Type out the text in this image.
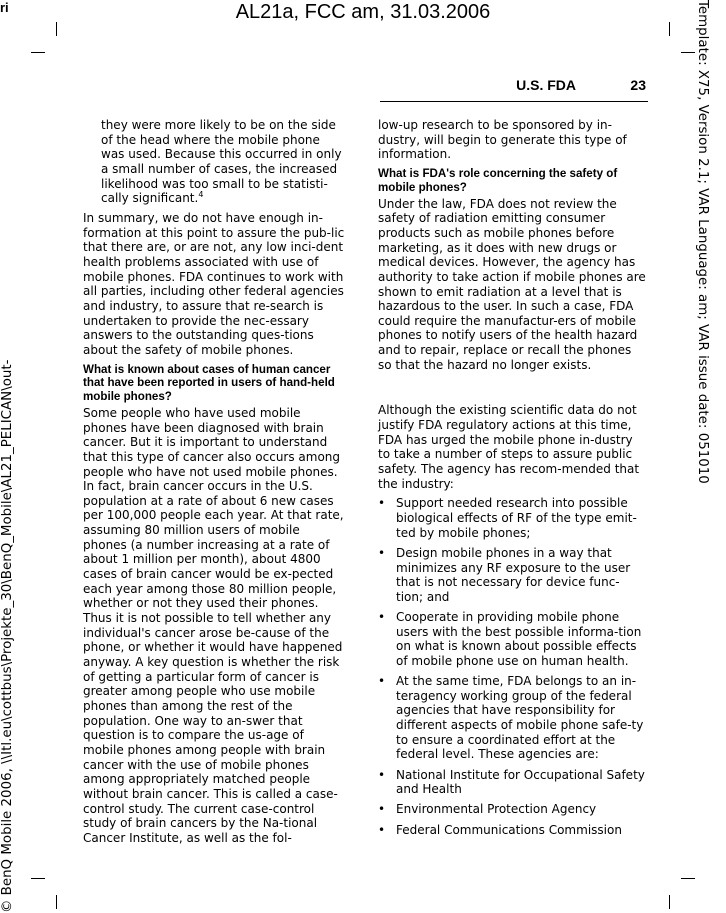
ri	AL21a, FCC am, 31.03.2006	Template: X75, Version 2.1; VAR Language: am; VAR issue date: 051010
© BenQ Mobile 2006, \\Itl.eu\cottbus\Projekte_30\BenQ_Mobile\AL21_PELICAN\out-
U.S. FDA	23

they were more likely to be on the side of the head where the mobile phone was used. Because this occurred in only a small number of cases, the increased likelihood was too small to be statisti-cally significant.$^4$

In summary, we do not have enough in-formation at this point to assure the pub-lic that there are, or are not, any low inci-dent health problems associated with use of mobile phones. FDA continues to work with all parties, including other federal agencies and industry, to assure that re-search is undertaken to provide the nec-essary answers to the outstanding ques-tions about the safety of mobile phones.

What is known about cases of human cancer that have been reported in users of hand-held mobile phones?

Some people who have used mobile phones have been diagnosed with brain cancer. But it is important to understand that this type of cancer also occurs among people who have not used mobile phones. In fact, brain cancer occurs in the U.S. population at a rate of about 6 new cases per 100,000 people each year. At that rate, assuming 80 million users of mobile phones (a number increasing at a rate of about 1 million per month), about 4800 cases of brain cancer would be ex-pected each year among those 80 million people, whether or not they used their phones. Thus it is not possible to tell whether any individual's cancer arose be-cause of the phone, or whether it would have happened anyway. A key question is whether the risk of getting a particular form of cancer is greater among people who use mobile phones than among the rest of the population. One way to an-swer that question is to compare the us-age of mobile phones among people with brain cancer with the use of mobile phones among appropriately matched people without brain cancer. This is called a case-control study. The current case-control study of brain cancers by the Na-tional Cancer Institute, as well as the fol-

low-up research to be sponsored by in-dustry, will begin to generate this type of information.

What is FDA's role concerning the safety of mobile phones?

Under the law, FDA does not review the safety of radiation emitting consumer products such as mobile phones before marketing, as it does with new drugs or medical devices. However, the agency has authority to take action if mobile phones are shown to emit radiation at a level that is hazardous to the user. In such a case, FDA could require the manufactur-ers of mobile phones to notify users of the health hazard and to repair, replace or recall the phones so that the hazard no longer exists.

Although the existing scientific data do not justify FDA regulatory actions at this time, FDA has urged the mobile phone in-dustry to take a number of steps to assure public safety. The agency has recom-mended that the industry:

• Support needed research into possible biological effects of RF of the type emit-ted by mobile phones;
• Design mobile phones in a way that minimizes any RF exposure to the user that is not necessary for device func-tion; and
• Cooperate in providing mobile phone users with the best possible informa-tion on what is known about possible effects of mobile phone use on human health.
• At the same time, FDA belongs to an in-teragency working group of the federal agencies that have responsibility for different aspects of mobile phone safe-ty to ensure a coordinated effort at the federal level. These agencies are:
• National Institute for Occupational Safety and Health
• Environmental Protection Agency
• Federal Communications Commission
